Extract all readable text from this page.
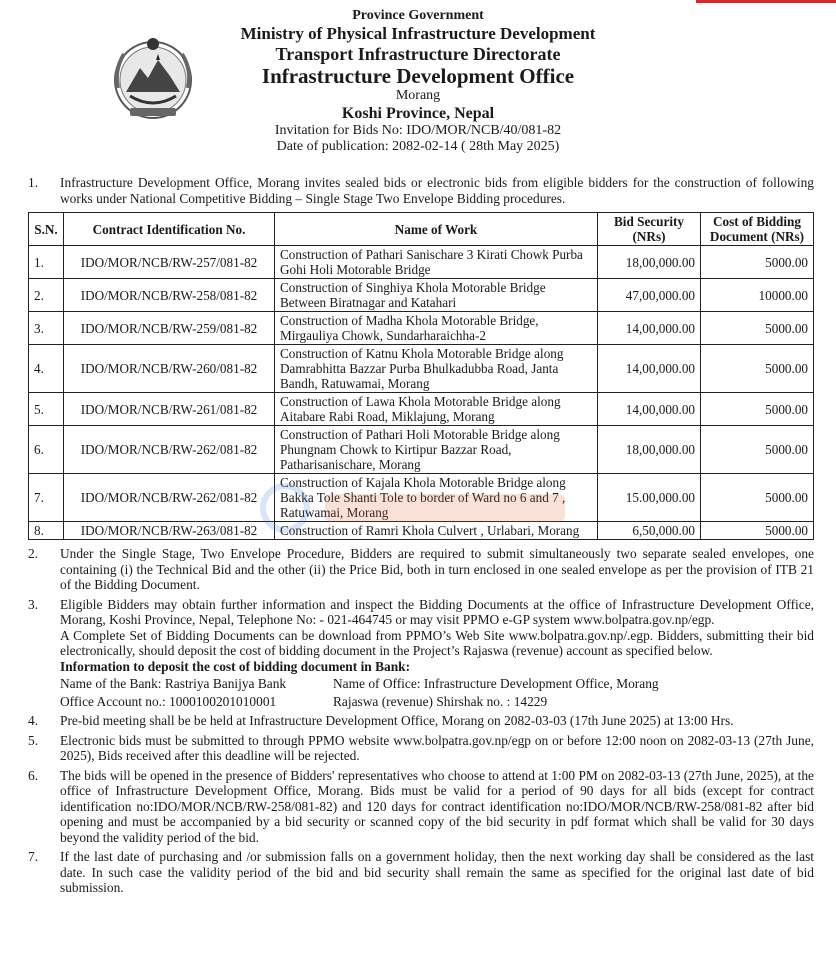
Province Government
Ministry of Physical Infrastructure Development
Transport Infrastructure Directorate
Infrastructure Development Office
Morang
Koshi Province, Nepal
Invitation for Bids No: IDO/MOR/NCB/40/081-82
Date of publication: 2082-02-14 ( 28th May 2025)
1.	Infrastructure Development Office, Morang invites sealed bids or electronic bids from eligible bidders for the construction of following works under National Competitive Bidding – Single Stage Two Envelope Bidding procedures.
S.N.	Contract Identification No.	Name of Work	Bid Security (NRs)	Cost of Bidding Document (NRs)
1.	IDO/MOR/NCB/RW-257/081-82	Construction of Pathari Sanischare 3 Kirati Chowk Purba Gohi Holi Motorable Bridge	18,00,000.00	5000.00
2.	IDO/MOR/NCB/RW-258/081-82	Construction of Singhiya Khola Motorable Bridge Between Biratnagar and Katahari	47,00,000.00	10000.00
3.	IDO/MOR/NCB/RW-259/081-82	Construction of Madha Khola Motorable Bridge, Mirgauliya Chowk, Sundarharaichha-2	14,00,000.00	5000.00
4.	IDO/MOR/NCB/RW-260/081-82	Construction of Katnu Khola Motorable Bridge along Damrabhitta Bazzar Purba Bhulkadubba Road, Janta Bandh, Ratuwamai, Morang	14,00,000.00	5000.00
5.	IDO/MOR/NCB/RW-261/081-82	Construction of Lawa Khola Motorable Bridge along Aitabare Rabi Road, Miklajung, Morang	14,00,000.00	5000.00
6.	IDO/MOR/NCB/RW-262/081-82	Construction of Pathari Holi Motorable Bridge along Phungnam Chowk to Kirtipur Bazzar Road, Patharisanischare, Morang	18,00,000.00	5000.00
7.	IDO/MOR/NCB/RW-262/081-82	Construction of Kajala Khola Motorable Bridge along Bakka Tole Shanti Tole to border of Ward no 6 and 7 , Ratuwamai, Morang	15.00,000.00	5000.00
8.	IDO/MOR/NCB/RW-263/081-82	Construction of Ramri Khola Culvert , Urlabari, Morang	6,50,000.00	5000.00
2.	Under the Single Stage, Two Envelope Procedure, Bidders are required to submit simultaneously two separate sealed envelopes, one containing (i) the Technical Bid and the other (ii) the Price Bid, both in turn enclosed in one sealed envelope as per the provision of ITB 21 of the Bidding Document.
3.	Eligible Bidders may obtain further information and inspect the Bidding Documents at the office of Infrastructure Development Office, Morang, Koshi Province, Nepal, Telephone No: - 021-464745 or may visit PPMO e-GP system www.bolpatra.gov.np/egp.
A Complete Set of Bidding Documents can be download from PPMO’s Web Site www.bolpatra.gov.np/.egp. Bidders, submitting their bid electronically, should deposit the cost of bidding document in the Project’s Rajaswa (revenue) account as specified below.
Information to deposit the cost of bidding document in Bank:
Name of the Bank: Rastriya Banijya Bank	Name of Office: Infrastructure Development Office, Morang
Office Account no.: 1000100201010001	Rajaswa (revenue) Shirshak no. : 14229
4.	Pre-bid meeting shall be be held at Infrastructure Development Office, Morang on 2082-03-03 (17th June 2025) at 13:00 Hrs.
5.	Electronic bids must be submitted to through PPMO website www.bolpatra.gov.np/egp on or before 12:00 noon on 2082-03-13 (27th June, 2025), Bids received after this deadline will be rejected.
6.	The bids will be opened in the presence of Bidders' representatives who choose to attend at 1:00 PM on 2082-03-13 (27th June, 2025), at the office of Infrastructure Development Office, Morang. Bids must be valid for a period of 90 days for all bids (except for contract identification no:IDO/MOR/NCB/RW-258/081-82) and 120 days for contract identification no:IDO/MOR/NCB/RW-258/081-82 after bid opening and must be accompanied by a bid security or scanned copy of the bid security in pdf format which shall be valid for 30 days beyond the validity period of the bid.
7.	If the last date of purchasing and /or submission falls on a government holiday, then the next working day shall be considered as the last date. In such case the validity period of the bid and bid security shall remain the same as specified for the original last date of bid submission.
